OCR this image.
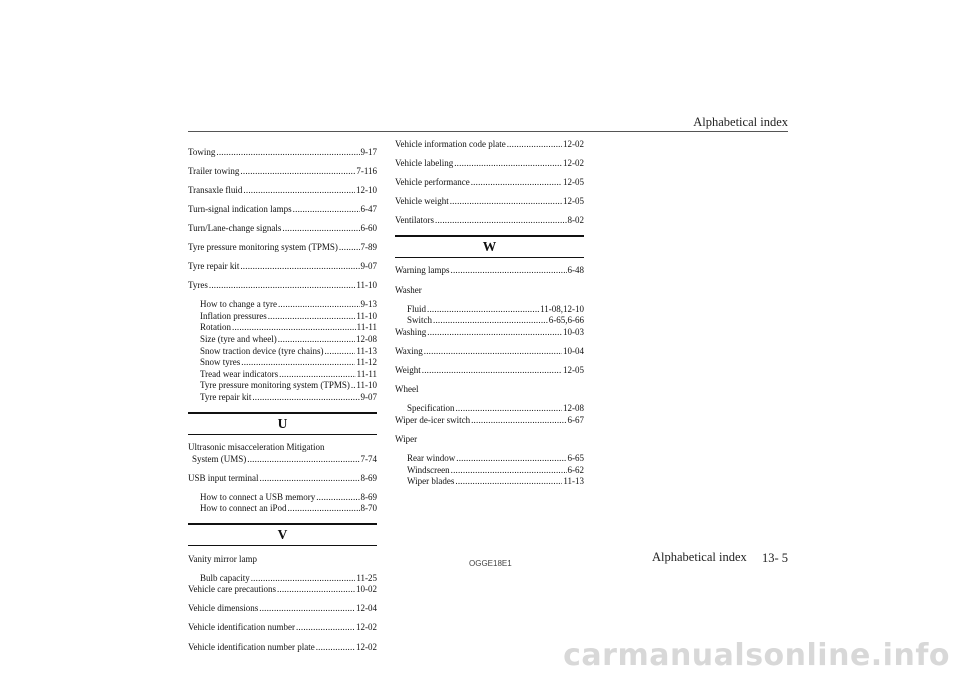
Alphabetical index
Towing .....	9-17
Trailer towing .....	7-116
Transaxle fluid .....	12-10
Turn-signal indication lamps .....	6-47
Turn/Lane-change signals .....	6-60
Tyre pressure monitoring system (TPMS) .....	7-89
Tyre repair kit .....	9-07
Tyres .....	11-10
How to change a tyre .....	9-13
Inflation pressures .....	11-10
Rotation .....	11-11
Size (tyre and wheel) .....	12-08
Snow traction device (tyre chains) .....	11-13
Snow tyres .....	11-12
Tread wear indicators .....	11-11
Tyre pressure monitoring system (TPMS) ..... 11-10
Tyre repair kit .....	9-07
U
Ultrasonic misacceleration Mitigation
System (UMS) .....	7-74
USB input terminal .....	8-69
How to connect a USB memory .....	8-69
How to connect an iPod .....	8-70
V
Vanity mirror lamp
Bulb capacity .....	11-25
Vehicle care precautions .....	10-02
Vehicle dimensions .....	12-04
Vehicle identification number .....	12-02
Vehicle identification number plate .....	12-02
Vehicle information code plate .....	12-02
Vehicle labeling .....	12-02
Vehicle performance .....	12-05
Vehicle weight .....	12-05
Ventilators .....	8-02
W
Warning lamps .....	6-48
Washer
Fluid .....	11-08,12-10
Switch .....	6-65,6-66
Washing .....	10-03
Waxing .....	10-04
Weight .....	12-05
Wheel
Specification .....	12-08
Wiper de-icer switch .....	6-67
Wiper
Rear window .....	6-65
Windscreen .....	6-62
Wiper blades .....	11-13
OGGE18E1	Alphabetical index 13- 5
carmanualsonline.info
